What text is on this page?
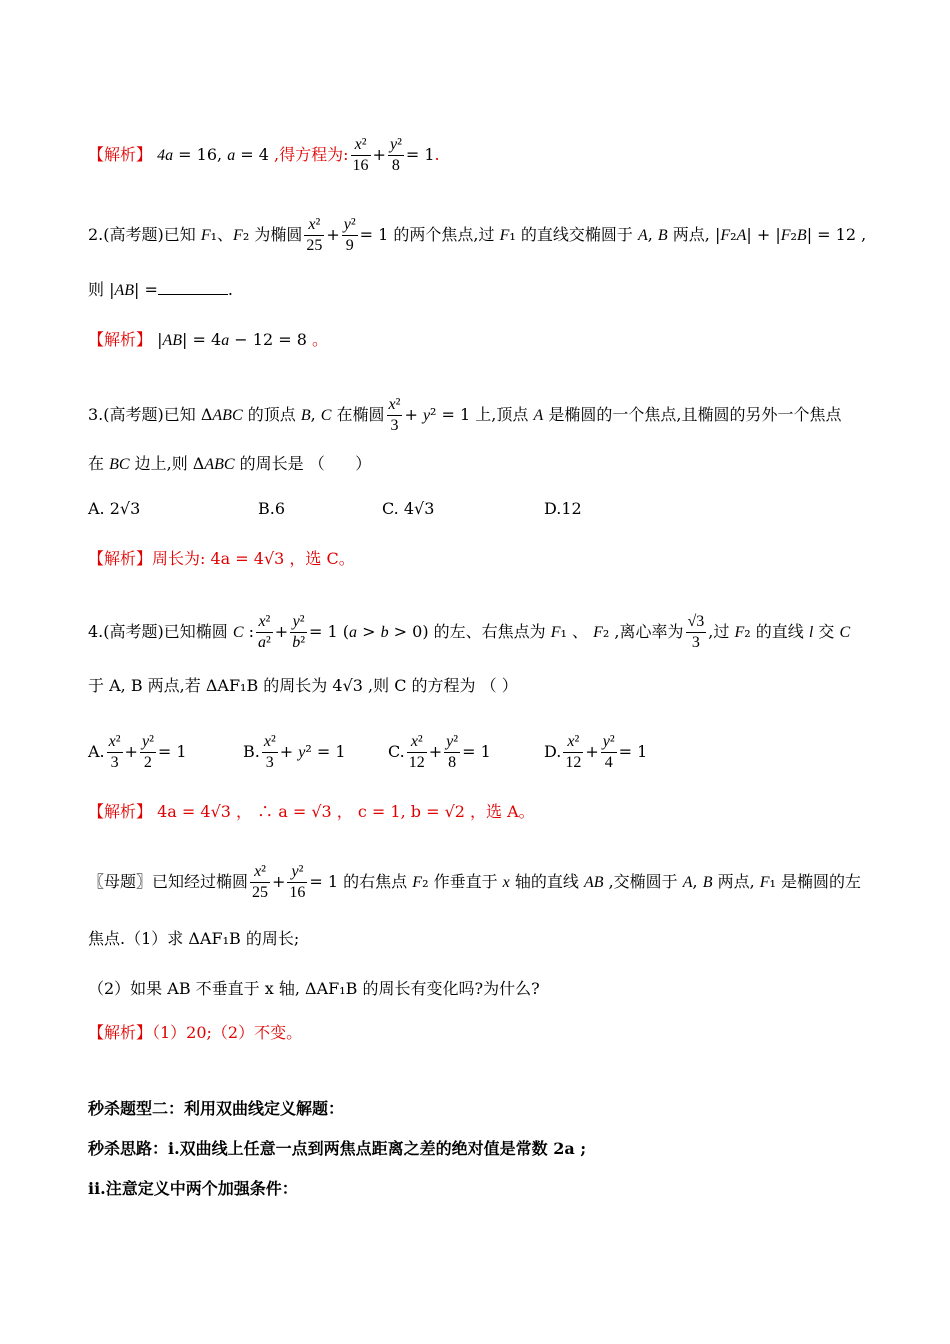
【解析】 4a = 16, a = 4 ,得方程为: $\frac{\text{x²}}{16} + \frac{\text{y²}}{8} = 1$.
2.(高考题)已知 F₁、F₂ 为椭圆 $\frac{\text{x²}}{25} + \frac{\text{y²}}{9} = 1$ 的两个焦点,过 F₁ 的直线交椭圆于 A, B 两点, |F₂A| + |F₂B| = 12 ,
则 |AB| =	.
【解析】 |AB| = 4a − 12 = 8 。
3.(高考题)已知 ΔABC 的顶点 B, C 在椭圆 $\frac{\text{x²}}{3} + y^2 = 1$ 上,顶点 A 是椭圆的一个焦点,且椭圆的另外一个焦点
在 BC 边上,则 ΔABC 的周长是 （      ）
A. 2√3	B.6	C. 4√3	D.12
【解析】周长为: 4a = 4√3 ，选 C。
4.(高考题)已知椭圆 C : $\frac{\text{x²}}{\text{a²}} + \frac{\text{y²}}{\text{b²}} = 1$ (a > b > 0) 的左、右焦点为 F₁ 、 F₂ ,离心率为 $\frac{√3}{3}$ ,过 F₂ 的直线 l 交 C
于 A, B 两点,若 ΔAF₁B 的周长为 4√3 ,则 C 的方程为 （ ）
A. $\frac{\text{x²}}{3} + \frac{\text{y²}}{2} = 1$	B. $\frac{\text{x²}}{3} + y^2 = 1$	C. $\frac{\text{x²}}{12} + \frac{\text{y²}}{8} = 1$	D. $\frac{\text{x²}}{12} + \frac{\text{y²}}{4} = 1$
【解析】 4a = 4√3 ， ∴ a = √3 ， c = 1, b = √2 ，选 A。
〖母题〗已知经过椭圆 $\frac{\text{x²}}{25} + \frac{\text{y²}}{16} = 1$ 的右焦点 F₂ 作垂直于 x 轴的直线 AB ,交椭圆于 A, B 两点, F₁ 是椭圆的左
焦点.（1）求 ΔAF₁B 的周长;
（2）如果 AB 不垂直于 x 轴, ΔAF₁B 的周长有变化吗?为什么?
【解析】（1）20;（2）不变。
秒杀题型二：利用双曲线定义解题：
秒杀思路：i.双曲线上任意一点到两焦点距离之差的绝对值是常数 2a ;
ii.注意定义中两个加强条件：
